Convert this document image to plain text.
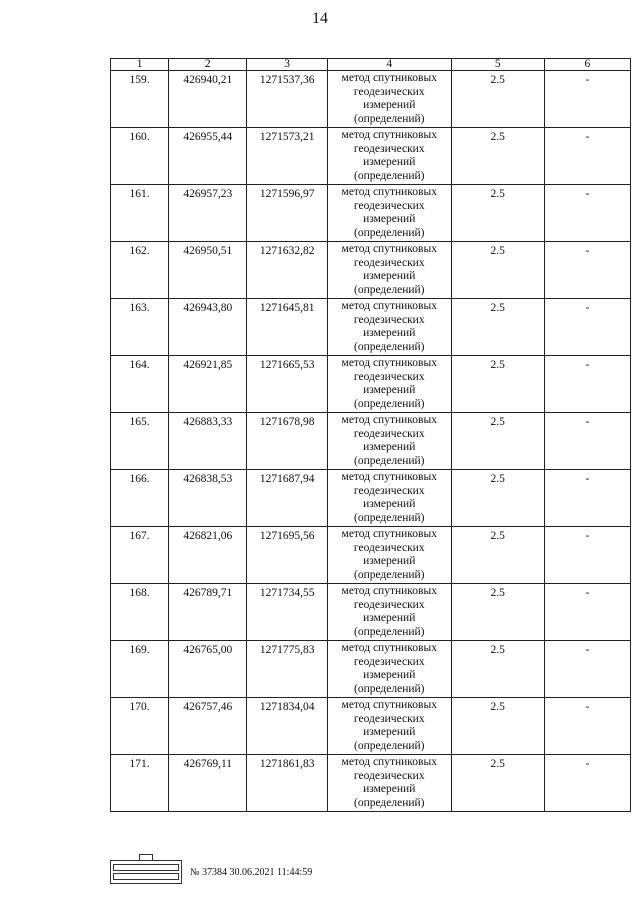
14
1	2	3	4	5	6

159.	426940,21	1271537,36	метод спутниковых геодезических измерений (определений)	2.5	-

160.	426955,44	1271573,21	метод спутниковых геодезических измерений (определений)	2.5	-

161.	426957,23	1271596,97	метод спутниковых геодезических измерений (определений)	2.5	-

162.	426950,51	1271632,82	метод спутниковых геодезических измерений (определений)	2.5	-

163.	426943,80	1271645,81	метод спутниковых геодезических измерений (определений)	2.5	-

164.	426921,85	1271665,53	метод спутниковых геодезических измерений (определений)	2.5	-

165.	426883,33	1271678,98	метод спутниковых геодезических измерений (определений)	2.5	-

166.	426838,53	1271687,94	метод спутниковых геодезических измерений (определений)	2.5	-

167.	426821,06	1271695,56	метод спутниковых геодезических измерений (определений)	2.5	-

168.	426789,71	1271734,55	метод спутниковых геодезических измерений (определений)	2.5	-

169.	426765,00	1271775,83	метод спутниковых геодезических измерений (определений)	2.5	-

170.	426757,46	1271834,04	метод спутниковых геодезических измерений (определений)	2.5	-

171.	426769,11	1271861,83	метод спутниковых геодезических измерений (определений)	2.5	-
№ 37384 30.06.2021 11:44:59
